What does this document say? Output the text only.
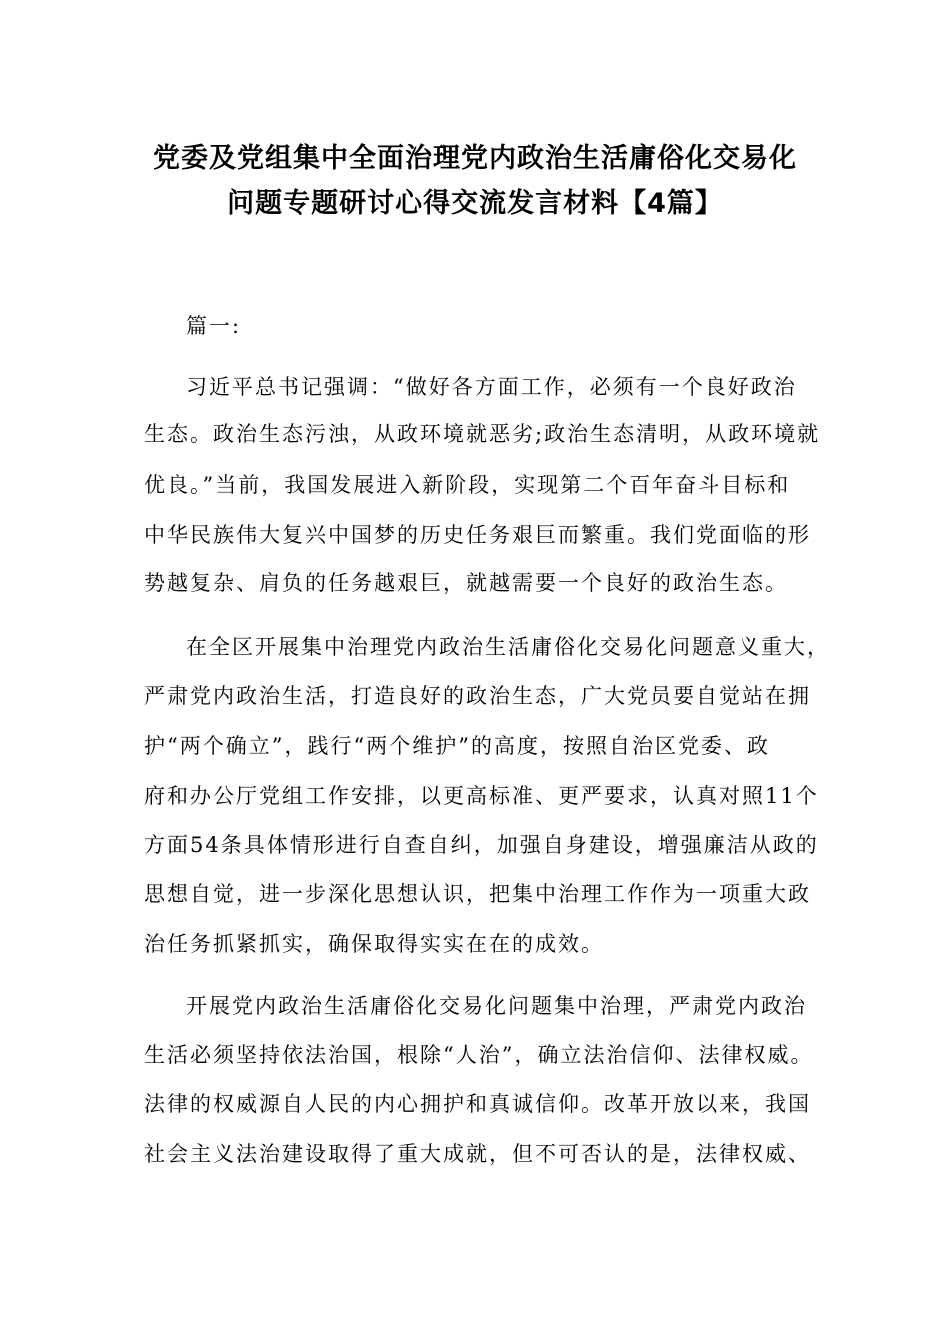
党委及党组集中全面治理党内政治生活庸俗化交易化
问题专题研讨心得交流发言材料【4篇】
篇一:
习近平总书记强调：“做好各方面工作，必须有一个良好政治
生态。政治生态污浊，从政环境就恶劣;政治生态清明，从政环境就
优良。”当前，我国发展进入新阶段，实现第二个百年奋斗目标和
中华民族伟大复兴中国梦的历史任务艰巨而繁重。我们党面临的形
势越复杂、肩负的任务越艰巨，就越需要一个良好的政治生态。
在全区开展集中治理党内政治生活庸俗化交易化问题意义重大，
严肃党内政治生活，打造良好的政治生态，广大党员要自觉站在拥
护“两个确立”，践行“两个维护”的高度，按照自治区党委、政
府和办公厅党组工作安排，以更高标准、更严要求，认真对照11个
方面54条具体情形进行自查自纠，加强自身建设，增强廉洁从政的
思想自觉，进一步深化思想认识，把集中治理工作作为一项重大政
治任务抓紧抓实，确保取得实实在在的成效。
开展党内政治生活庸俗化交易化问题集中治理，严肃党内政治
生活必须坚持依法治国，根除“人治”，确立法治信仰、法律权威。
法律的权威源自人民的内心拥护和真诚信仰。改革开放以来，我国
社会主义法治建设取得了重大成就，但不可否认的是，法律权威、
